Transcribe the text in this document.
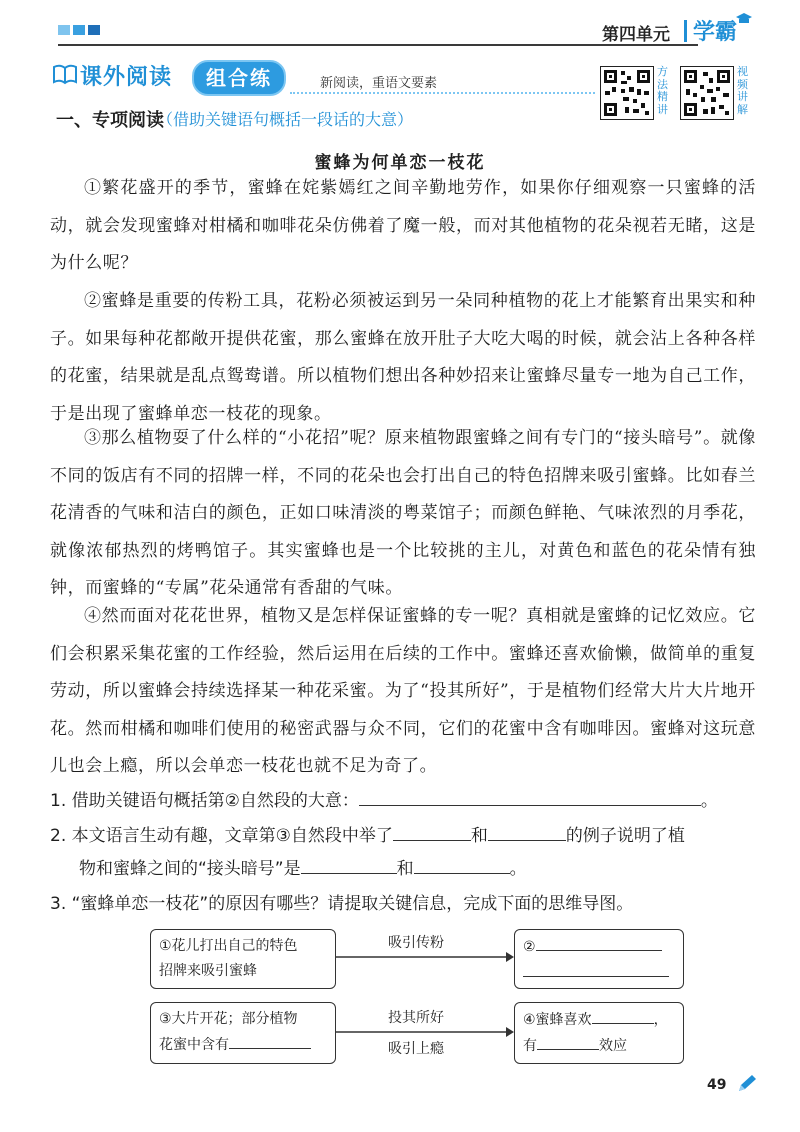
第四单元 学霸
课外阅读	组合练	新阅读，重语文要素
方法精讲
视频讲解
一、专项阅读
（借助关键语句概括一段话的大意）
蜜蜂为何单恋一枝花
①繁花盛开的季节，蜜蜂在姹紫嫣红之间辛勤地劳作，如果你仔细观察一只蜜蜂的活动，就会发现蜜蜂对柑橘和咖啡花朵仿佛着了魔一般，而对其他植物的花朵视若无睹，这是为什么呢？
②蜜蜂是重要的传粉工具，花粉必须被运到另一朵同种植物的花上才能繁育出果实和种子。如果每种花都敞开提供花蜜，那么蜜蜂在放开肚子大吃大喝的时候，就会沾上各种各样的花蜜，结果就是乱点鸳鸯谱。所以植物们想出各种妙招来让蜜蜂尽量专一地为自己工作，于是出现了蜜蜂单恋一枝花的现象。
③那么植物耍了什么样的“小花招”呢？原来植物跟蜜蜂之间有专门的“接头暗号”。就像不同的饭店有不同的招牌一样，不同的花朵也会打出自己的特色招牌来吸引蜜蜂。比如春兰花清香的气味和洁白的颜色，正如口味清淡的粤菜馆子；而颜色鲜艳、气味浓烈的月季花，就像浓郁热烈的烤鸭馆子。其实蜜蜂也是一个比较挑的主儿，对黄色和蓝色的花朵情有独钟，而蜜蜂的“专属”花朵通常有香甜的气味。
④然而面对花花世界，植物又是怎样保证蜜蜂的专一呢？真相就是蜜蜂的记忆效应。它们会积累采集花蜜的工作经验，然后运用在后续的工作中。蜜蜂还喜欢偷懒，做简单的重复劳动，所以蜜蜂会持续选择某一种花采蜜。为了“投其所好”，于是植物们经常大片大片地开花。然而柑橘和咖啡们使用的秘密武器与众不同，它们的花蜜中含有咖啡因。蜜蜂对这玩意儿也会上瘾，所以会单恋一枝花也就不足为奇了。
1. 借助关键语句概括第②自然段的大意：	。
2. 本文语言生动有趣，文章第③自然段中举了	和	的例子说明了植
物和蜜蜂之间的“接头暗号”是	和	。
3. “蜜蜂单恋一枝花”的原因有哪些？请提取关键信息，完成下面的思维导图。
①花儿打出自己的特色
招牌来吸引蜜蜂
吸引传粉	②
③大片开花；部分植物
花蜜中含有
投其所好
吸引上瘾
④蜜蜂喜欢	，
有	效应
49
